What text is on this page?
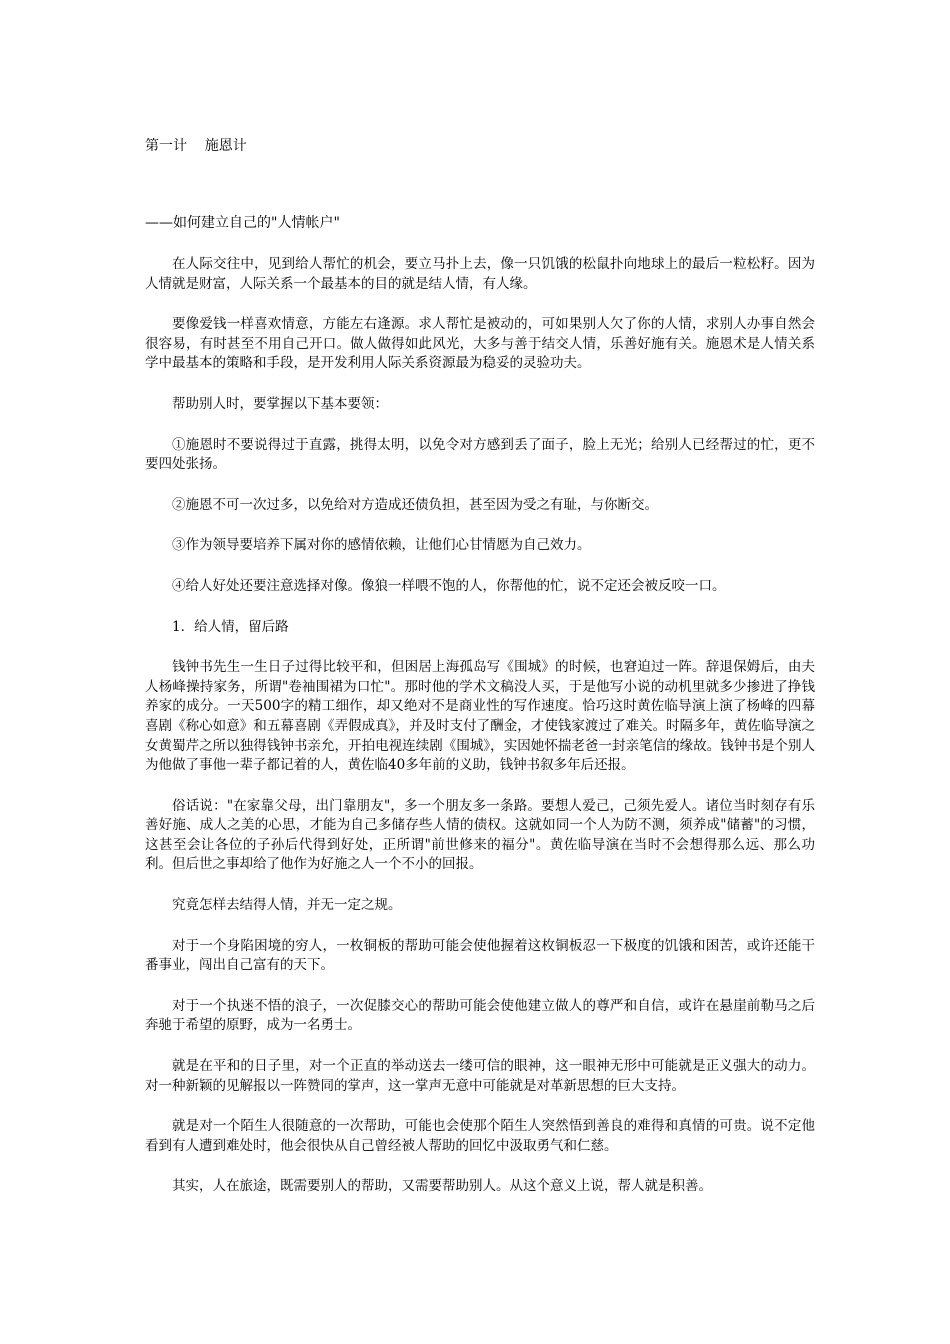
第一计    施恩计
——如何建立自己的"人情帐户"

在人际交往中，见到给人帮忙的机会，要立马扑上去，像一只饥饿的松鼠扑向地球上的最后一粒松籽。因为人情就是财富，人际关系一个最基本的目的就是结人情，有人缘。

要像爱钱一样喜欢情意，方能左右逢源。求人帮忙是被动的，可如果别人欠了你的人情，求别人办事自然会很容易，有时甚至不用自己开口。做人做得如此风光，大多与善于结交人情，乐善好施有关。施恩术是人情关系学中最基本的策略和手段，是开发利用人际关系资源最为稳妥的灵验功夫。

帮助别人时，要掌握以下基本要领：

①施恩时不要说得过于直露，挑得太明，以免令对方感到丢了面子，脸上无光；给别人已经帮过的忙，更不要四处张扬。

②施恩不可一次过多，以免给对方造成还债负担，甚至因为受之有耻，与你断交。

③作为领导要培养下属对你的感情依赖，让他们心甘情愿为自己效力。

④给人好处还要注意选择对像。像狼一样喂不饱的人，你帮他的忙，说不定还会被反咬一口。

1．给人情，留后路

钱钟书先生一生日子过得比较平和，但困居上海孤岛写《围城》的时候，也窘迫过一阵。辞退保姆后，由夫人杨峰操持家务，所谓"卷袖围裙为口忙"。那时他的学术文稿没人买，于是他写小说的动机里就多少掺进了挣钱养家的成分。一天500字的精工细作，却又绝对不是商业性的写作速度。恰巧这时黄佐临导演上演了杨峰的四幕喜剧《称心如意》和五幕喜剧《弄假成真》，并及时支付了酬金，才使钱家渡过了难关。时隔多年，黄佐临导演之女黄蜀芹之所以独得钱钟书亲允，开拍电视连续剧《围城》，实因她怀揣老爸一封亲笔信的缘故。钱钟书是个别人为他做了事他一辈子都记着的人，黄佐临40多年前的义助，钱钟书叙多年后还报。

俗话说："在家靠父母，出门靠朋友"，多一个朋友多一条路。要想人爱己，己须先爱人。诸位当时刻存有乐善好施、成人之美的心思，才能为自己多储存些人情的债权。这就如同一个人为防不测，须养成"储蓄"的习惯，这甚至会让各位的子孙后代得到好处，正所谓"前世修来的福分"。黄佐临导演在当时不会想得那么远、那么功利。但后世之事却给了他作为好施之人一个不小的回报。

究竟怎样去结得人情，并无一定之规。

对于一个身陷困境的穷人，一枚铜板的帮助可能会使他握着这枚铜板忍一下极度的饥饿和困苦，或许还能干番事业，闯出自己富有的天下。

对于一个执迷不悟的浪子，一次促膝交心的帮助可能会使他建立做人的尊严和自信，或许在悬崖前勒马之后奔驰于希望的原野，成为一名勇士。

就是在平和的日子里，对一个正直的举动送去一缕可信的眼神，这一眼神无形中可能就是正义强大的动力。对一种新颖的见解报以一阵赞同的掌声，这一掌声无意中可能就是对革新思想的巨大支持。

就是对一个陌生人很随意的一次帮助，可能也会使那个陌生人突然悟到善良的难得和真情的可贵。说不定他看到有人遭到难处时，他会很快从自己曾经被人帮助的回忆中汲取勇气和仁慈。

其实，人在旅途，既需要别人的帮助，又需要帮助别人。从这个意义上说，帮人就是积善。
